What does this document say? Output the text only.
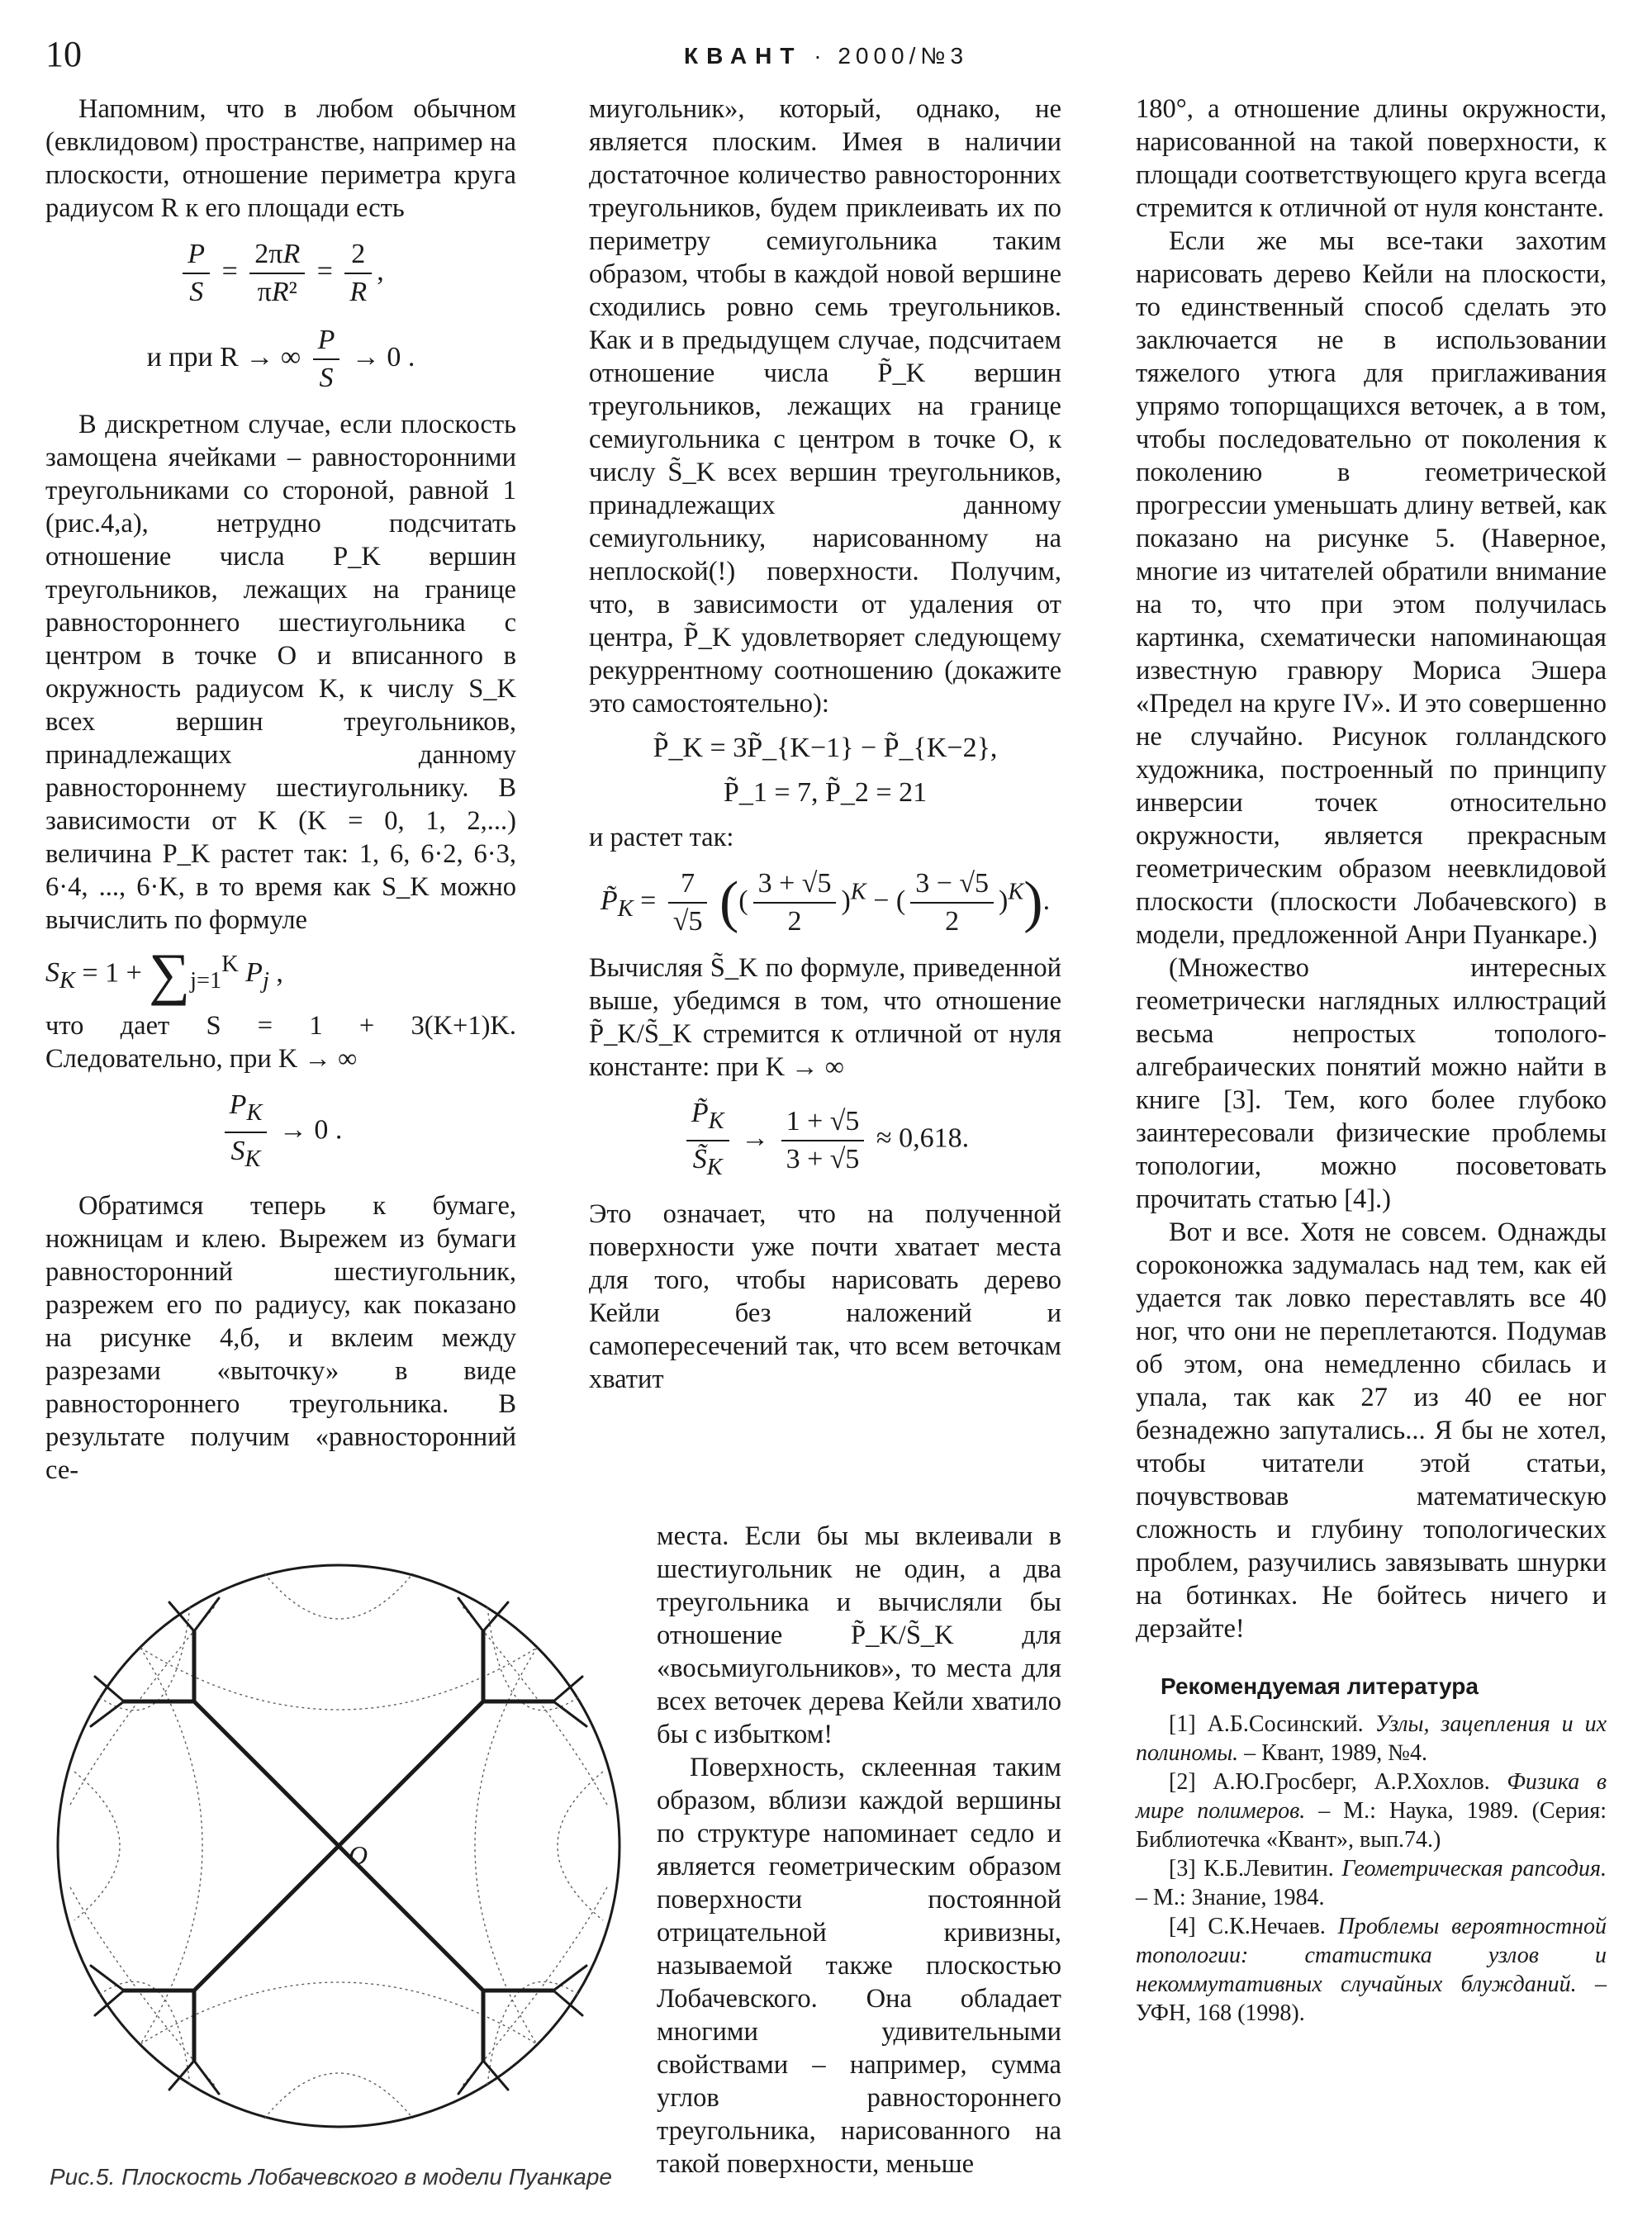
10	КВАНТ · 2000/№3

Напомним, что в любом обычном (евклидовом) пространстве, например на плоскости, отношение периметра круга радиусом R к его площади есть

$\frac{P}{S} = \frac{2\pi R}{\text{πR²}} = \frac{2}{R}$ ,
и при R → ∞ $\frac{P}{S} \to 0$ .

В дискретном случае, если плоскость замощена ячейками – равносторонними треугольниками со стороной, равной 1 (рис.4,а), нетрудно подсчитать отношение числа P_K вершин треугольников, лежащих на границе равностороннего шестиугольника с центром в точке O и вписанного в окружность радиусом K, к числу S_K всех вершин треугольников, принадлежащих данному равностороннему шестиугольнику. В зависимости от K (K = 0, 1, 2,...) величина P_K растет так: 1, 6, 6·2, 6·3, 6·4, ..., 6·K, в то время как S_K можно вычислить по формуле

$S_K = 1 + \sum_{j=1}^K$ $P_j$ ,

что дает S = 1 + 3(K+1)K. Следовательно, при K → ∞

$\frac{P_K}{S_K} \to 0$ .

Обратимся теперь к бумаге, ножницам и клею. Вырежем из бумаги равносторонний шестиугольник, разрежем его по радиусу, как показано на рисунке 4,б, и вклеим между разрезами «выточку» в виде равностороннего треугольника. В результате получим «равносторонний се-

миугольник», который, однако, не является плоским. Имея в наличии достаточное количество равносторонних треугольников, будем приклеивать их по периметру семиугольника таким образом, чтобы в каждой новой вершине сходились ровно семь треугольников. Как и в предыдущем случае, подсчитаем отношение числа P̃_K вершин треугольников, лежащих на границе семиугольника с центром в точке O, к числу S̃_K всех вершин треугольников, принадлежащих данному семиугольнику, нарисованному на неплоской(!) поверхности. Получим, что, в зависимости от удаления от центра, P̃_K удовлетворяет следующему рекуррентному соотношению (докажите это самостоятельно):

P̃_K = 3P̃_{K−1} − P̃_{K−2},
P̃_1 = 7, P̃_2 = 21

и растет так:

$P̃_K = \frac{7}{√5}$ (( $\frac{3 + √5}{2} )^K$ − ( $\frac{3 - √5}{2} )^K$).

Вычисляя S̃_K по формуле, приведенной выше, убедимся в том, что отношение P̃_K/S̃_K стремится к отличной от нуля константе: при K → ∞

$\frac{P̃_K}{S̃_K} \to \frac{1 + √5}{3 + √5} \approx 0,618$.

Это означает, что на полученной поверхности уже почти хватает места для того, чтобы нарисовать дерево Кейли без наложений и самопересечений так, что всем веточкам хватит

места. Если бы мы вклеивали в шестиугольник не один, а два треугольника и вычисляли бы отношение P̃_K/S̃_K для «восьмиугольников», то места для всех веточек дерева Кейли хватило бы с избытком!

Поверхность, склеенная таким образом, вблизи каждой вершины по структуре напоминает седло и является геометрическим образом поверхности постоянной отрицательной кривизны, называемой также плоскостью Лобачевского. Она обладает многими удивительными свойствами – например, сумма углов равностороннего треугольника, нарисованного на такой поверхности, меньше

180°, а отношение длины окружности, нарисованной на такой поверхности, к площади соответствующего круга всегда стремится к отличной от нуля константе.

Если же мы все-таки захотим нарисовать дерево Кейли на плоскости, то единственный способ сделать это заключается не в использовании тяжелого утюга для приглаживания упрямо топорщащихся веточек, а в том, чтобы последовательно от поколения к поколению в геометрической прогрессии уменьшать длину ветвей, как показано на рисунке 5. (Наверное, многие из читателей обратили внимание на то, что при этом получилась картинка, схематически напоминающая известную гравюру Мориса Эшера «Предел на круге IV». И это совершенно не случайно. Рисунок голландского художника, построенный по принципу инверсии точек относительно окружности, является прекрасным геометрическим образом неевклидовой плоскости (плоскости Лобачевского) в модели, предложенной Анри Пуанкаре.)

(Множество интересных геометрически наглядных иллюстраций весьма непростых тополого-алгебраических понятий можно найти в книге [3]. Тем, кого более глубоко заинтересовали физические проблемы топологии, можно посоветовать прочитать статью [4].)

Вот и все. Хотя не совсем. Однажды сороконожка задумалась над тем, как ей удается так ловко переставлять все 40 ног, что они не переплетаются. Подумав об этом, она немедленно сбилась и упала, так как 27 из 40 ее ног безнадежно запутались... Я бы не хотел, чтобы читатели этой статьи, почувствовав математическую сложность и глубину топологических проблем, разучились завязывать шнурки на ботинках. Не бойтесь ничего и дерзайте!

Рекомендуемая литература

[1] А.Б.Сосинский. Узлы, зацепления и их полиномы. – Квант, 1989, №4.

[2] А.Ю.Гросберг, А.Р.Хохлов. Физика в мире полимеров. – М.: Наука, 1989. (Серия: Библиотечка «Квант», вып.74.)

[3] К.Б.Левитин. Геометрическая рапсодия. – М.: Знание, 1984.

[4] С.К.Нечаев. Проблемы вероятностной топологии: статистика узлов и некоммутативных случайных блужданий. – УФН, 168 (1998).

O
Рис.5. Плоскость Лобачевского в модели Пуанкаре
